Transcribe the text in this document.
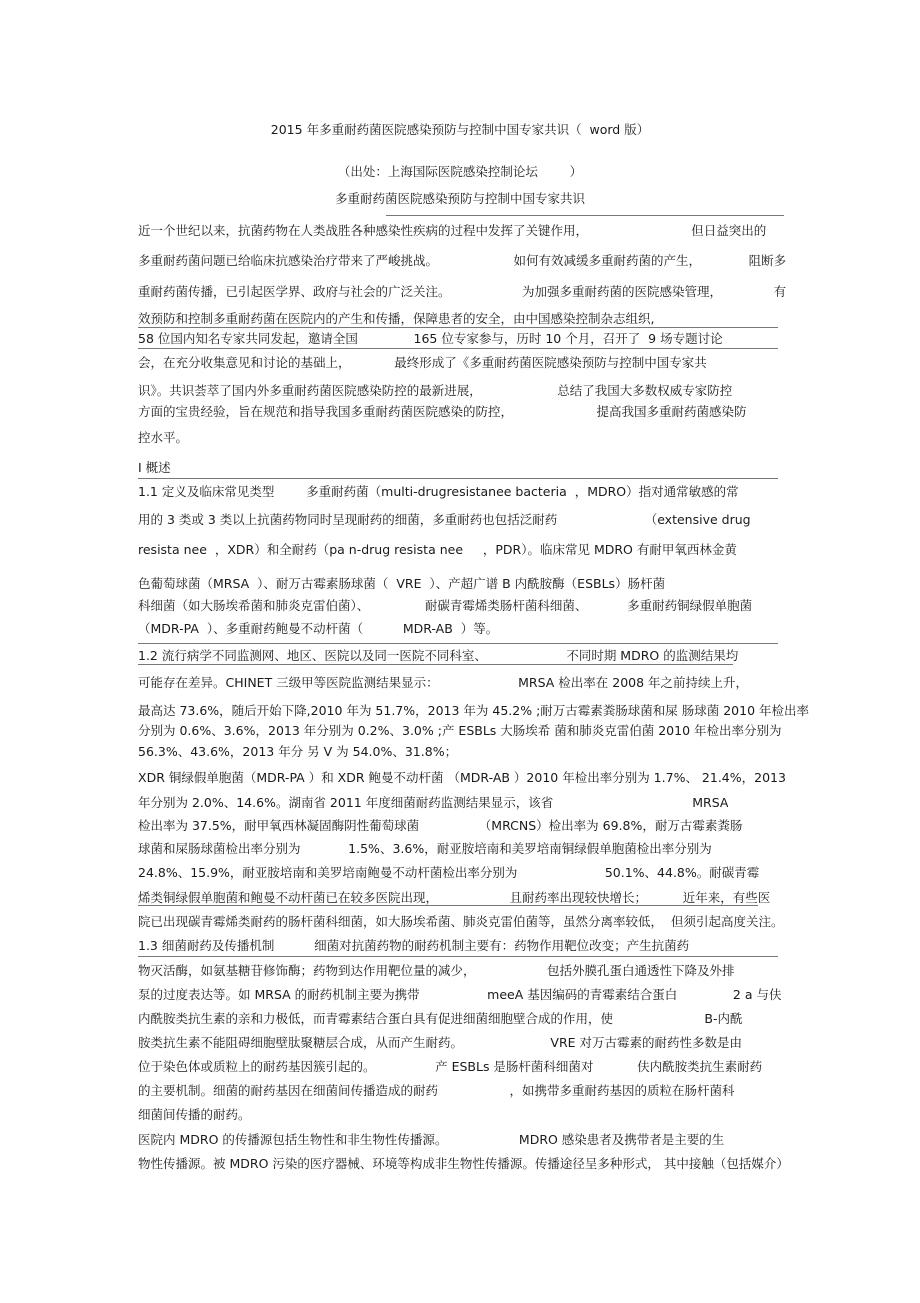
2015 年多重耐药菌医院感染预防与控制中国专家共识（  word 版）
（出处：上海国际医院感染控制论坛        ）
多重耐药菌医院感染预防与控制中国专家共识
近一个世纪以来，抗菌药物在人类战胜各种感染性疾病的过程中发挥了关键作用，                          但日益突出的
多重耐药菌问题已给临床抗感染治疗带来了严峻挑战。                   如何有效减缓多重耐药菌的产生，            阻断多
重耐药菌传播，已引起医学界、政府与社会的广泛关注。                  为加强多重耐药菌的医院感染管理，             有
效预防和控制多重耐药菌在医院内的产生和传播，保障患者的安全，由中国感染控制杂志组织,
58 位国内知名专家共同发起，邀请全国              165 位专家参与，历时 10 个月，召开了  9 场专题讨论
会，在充分收集意见和讨论的基础上，           最终形成了《多重耐药菌医院感染预防与控制中国专家共
识》。共识荟萃了国内外多重耐药菌医院感染防控的最新进展，                   总结了我国大多数权威专家防控
方面的宝贵经验，旨在规范和指导我国多重耐药菌医院感染的防控，                     提高我国多重耐药菌感染防
控水平。
I 概述
1.1 定义及临床常见类型        多重耐药菌（multi-drugresistanee bacteria  ，MDRO）指对通常敏感的常
用的 3 类或 3 类以上抗菌药物同时呈现耐药的细菌，多重耐药也包括泛耐药                      （extensive drug
resista nee  ，XDR）和全耐药（pa n-drug resista nee     ，PDR）。临床常见 MDRO 有耐甲氧西林金黄
色葡萄球菌（MRSA  ）、耐万古霉素肠球菌（  VRE  ）、产超广谱 B 内酰胺酶（ESBLs）肠杆菌
科细菌（如大肠埃希菌和肺炎克雷伯菌）、              耐碳青霉烯类肠杆菌科细菌、          多重耐药铜绿假单胞菌
（MDR-PA  ）、多重耐药鲍曼不动杆菌（          MDR-AB  ）等。
1.2 流行病学不同监测网、地区、医院以及同一医院不同科室、                    不同时期 MDRO 的监测结果均
可能存在差异。CHINET 三级甲等医院监测结果显示：                    MRSA 检出率在 2008 年之前持续上升，
最高达 73.6%，随后开始下降,2010 年为 51.7%，2013 年为 45.2% ;耐万古霉素粪肠球菌和屎 肠球菌 2010 年检出率
分别为 0.6%、3.6%，2013 年分别为 0.2%、3.0% ;产 ESBLs 大肠埃希 菌和肺炎克雷伯菌 2010 年检出率分别为
56.3%、43.6%，2013 年分 另 V 为 54.0%、31.8%；
XDR 铜绿假单胞菌（MDR-PA ）和 XDR 鲍曼不动杆菌 （MDR-AB ）2010 年检出率分别为 1.7%、 21.4%，2013
年分别为 2.0%、14.6%。湖南省 2011 年度细菌耐药监测结果显示，该省                                   MRSA
检出率为 37.5%，耐甲氧西林凝固酶阴性葡萄球菌               （MRCNS）检出率为 69.8%，耐万古霉素粪肠
球菌和屎肠球菌检出率分别为            1.5%、3.6%，耐亚胺培南和美罗培南铜绿假单胞菌检出率分别为
24.8%、15.9%，耐亚胺培南和美罗培南鲍曼不动杆菌检出率分别为                      50.1%、44.8%。耐碳青霉
烯类铜绿假单胞菌和鲍曼不动杆菌已在较多医院出现，                  且耐药率出现较快增长；         近年来，有些医
院已出现碳青霉烯类耐药的肠杆菌科细菌，如大肠埃希菌、肺炎克雷伯菌等，虽然分离率较低，  但须引起高度关注。
1.3 细菌耐药及传播机制          细菌对抗菌药物的耐药机制主要有：药物作用靶位改变；产生抗菌药
物灭活酶，如氨基糖苷修饰酶；药物到达作用靶位量的减少，                  包括外膜孔蛋白通透性下降及外排
泵的过度表达等。如 MRSA 的耐药机制主要为携带                 meeA 基因编码的青霉素结合蛋白              2 a 与伕
内酰胺类抗生素的亲和力极低，而青霉素结合蛋白具有促进细菌细胞壁合成的作用，使                       B-内酰
胺类抗生素不能阻碍细胞壁肽聚糖层合成，从而产生耐药。                      VRE 对万古霉素的耐药性多数是由
位于染色体或质粒上的耐药基因簇引起的。               产 ESBLs 是肠杆菌科细菌对           伕内酰胺类抗生素耐药
的主要机制。细菌的耐药基因在细菌间传播造成的耐药                  ，如携带多重耐药基因的质粒在肠杆菌科
细菌间传播的耐药。
医院内 MDRO 的传播源包括生物性和非生物性传播源。                  MDRO 感染患者及携带者是主要的生
物性传播源。被 MDRO 污染的医疗器械、环境等构成非生物性传播源。传播途径呈多种形式， 其中接触（包括媒介）
